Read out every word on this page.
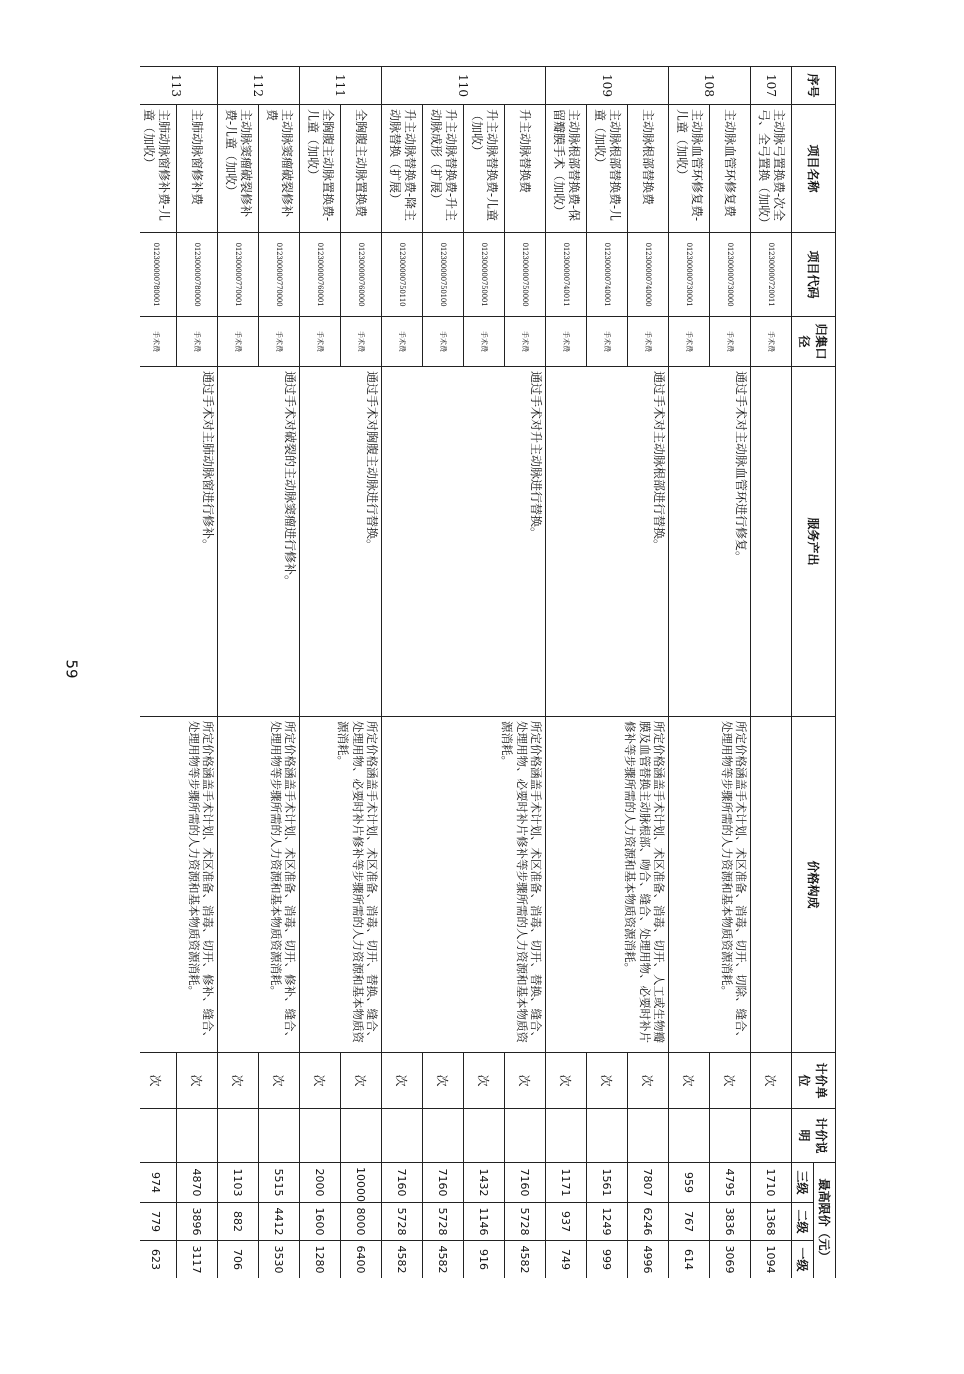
59
序号	项目名称	项目代码	归集口径	服务产出	价格构成	计价单位	计价说明	最高限价（元）		
								三级	二级	一级
107	主动脉弓置换费-次全弓、全弓置换（加收）	012300000720011	手术费			次		1710	1368	1094
108	主动脉血管环修复费	012300000730000	手术费	通过手术对主动脉血管环进行修复。	所定价格涵盖手术计划、术区准备、消毒、切开、切除、缝合、处理用物等步骤所需的人力资源和基本物质资源消耗。	次		4795	3836	3069
	主动脉血管环修复费-儿童（加收）	012300000730001	手术费			次		959	767	614
109	主动脉根部替换费	012300000740000	手术费	通过手术对主动脉根部进行替换。	所定价格涵盖手术计划、术区准备、消毒、切开、人工或生物瓣膜及血管替换主动脉根部、吻合、缝合、处理用物、必要时补片修补等步骤所需的人力资源和基本物质资源消耗。	次		7807	6246	4996
	主动脉根部替换费-儿童（加收）	012300000740001	手术费			次		1561	1249	999
	主动脉根部替换费-保留瓣膜手术（加收）	012300000740011	手术费			次		1171	937	749
110	升主动脉替换费	012300000750000	手术费	通过手术对升主动脉进行替换。	所定价格涵盖手术计划、术区准备、消毒、切开、替换、缝合、处理用物、必要时补片修补等步骤所需的人力资源和基本物质资源消耗。	次		7160	5728	4582
	升主动脉替换费-儿童（加收）	012300000750001	手术费			次		1432	1146	916
	升主动脉替换费-升主动脉成形（扩展）	012300000750100	手术费			次		7160	5728	4582
	升主动脉替换费-降主动脉替换（扩展）	012300000750110	手术费			次		7160	5728	4582
111	全胸腹主动脉置换费	012300000760000	手术费	通过手术对胸腹主动脉进行替换。	所定价格涵盖手术计划、术区准备、消毒、切开、替换、缝合、处理用物、必要时补片修补等步骤所需的人力资源和基本物质资源消耗。	次		10000	8000	6400
	全胸腹主动脉置换费-儿童（加收）	012300000760001	手术费			次		2000	1600	1280
112	主动脉窦瘤破裂修补费	012300000770000	手术费	通过手术对破裂的主动脉窦瘤进行修补。	所定价格涵盖手术计划、术区准备、消毒、切开、修补、缝合、处理用物等步骤所需的人力资源和基本物质资源消耗。	次		5515	4412	3530
	主动脉窦瘤破裂修补费-儿童（加收）	012300000770001	手术费			次		1103	882	706
113	主肺动脉窗修补费	012300000780000	手术费	通过手术对主肺动脉窗进行修补。	所定价格涵盖手术计划、术区准备、消毒、切开、修补、缝合、处理用物等步骤所需的人力资源和基本物质资源消耗。	次		4870	3896	3117
	主肺动脉窗修补费-儿童（加收）	012300000780001	手术费			次		974	779	623
